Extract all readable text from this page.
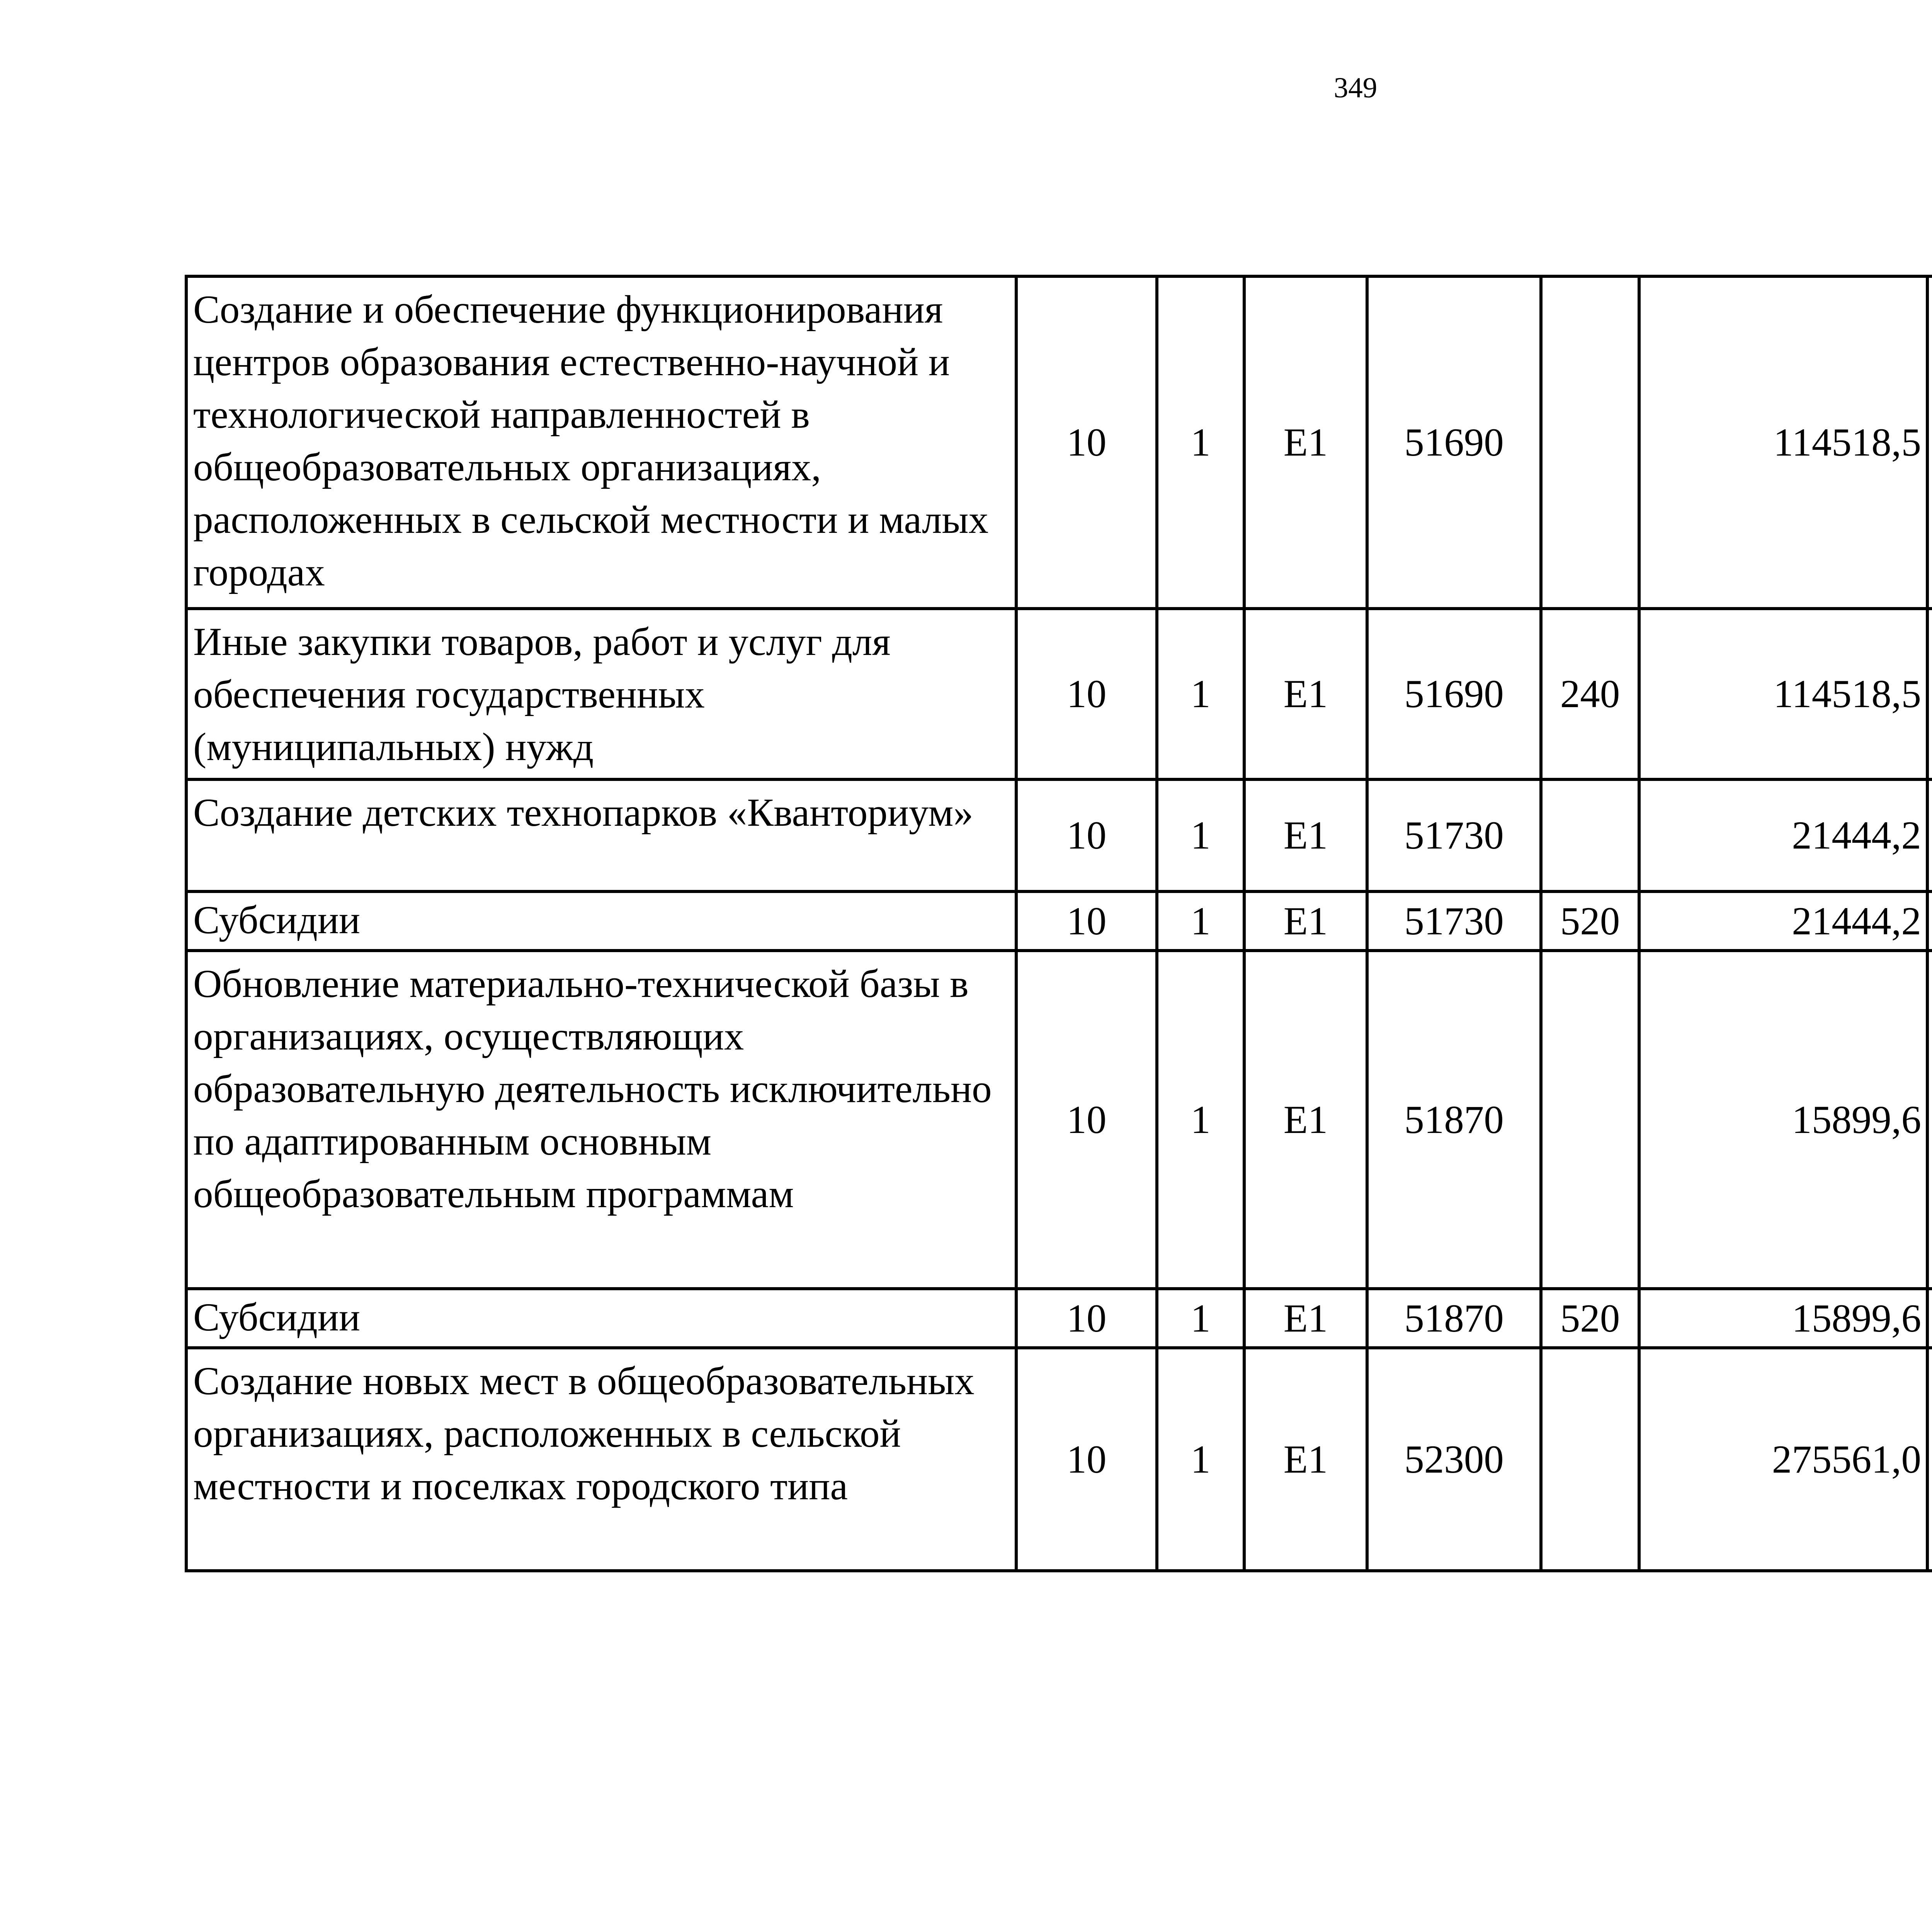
349
Создание и обеспечение функционирования центров образования естественно-научной и технологической направленностей в общеобразовательных организациях, расположенных в сельской местности и малых городах	10	1	E1	51690		114518,5		
Иные закупки товаров, работ и услуг для обеспечения государственных (муниципальных) нужд	10	1	E1	51690	240	114518,5		
Создание детских технопарков «Кванториум»	10	1	E1	51730		21444,2		
Субсидии	10	1	E1	51730	520	21444,2		
Обновление материально-технической базы в организациях, осуществляющих образовательную деятельность исключительно по адаптированным основным общеобразовательным программам	10	1	E1	51870		15899,6		
Субсидии	10	1	E1	51870	520	15899,6		
Создание новых мест в общеобразовательных организациях, расположенных в сельской местности и поселках городского типа	10	1	E1	52300		275561,0		
